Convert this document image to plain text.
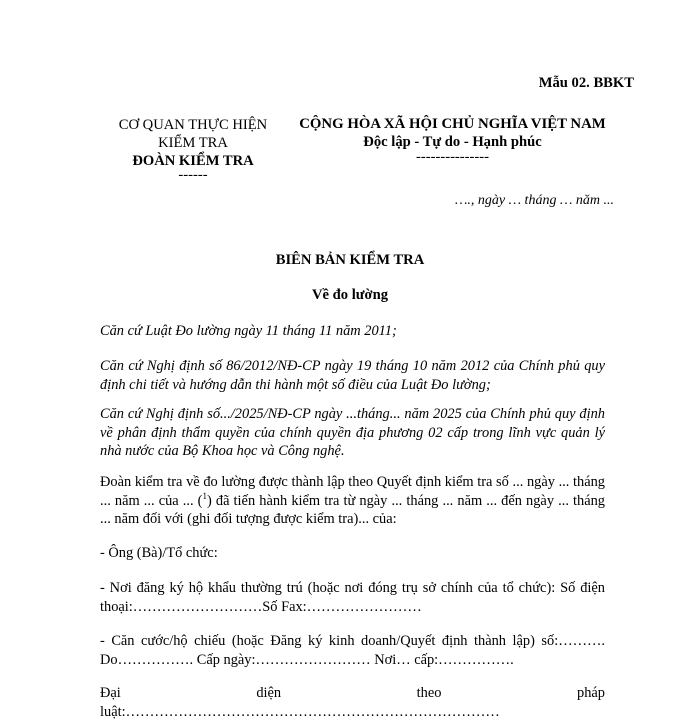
Mẫu 02. BBKT
CƠ QUAN THỰC HIỆN
KIỂM TRA
ĐOÀN KIỂM TRA
------
CỘNG HÒA XÃ HỘI CHỦ NGHĨA VIỆT NAM
Độc lập - Tự do - Hạnh phúc
---------------
…., ngày … tháng … năm ...
BIÊN BẢN KIỂM TRA
Về đo lường
Căn cứ Luật Đo lường ngày 11 tháng 11 năm 2011;
Căn cứ Nghị định số 86/2012/NĐ-CP ngày 19 tháng 10 năm 2012 của Chính phủ quy định chi tiết và hướng dẫn thi hành một số điều của Luật Đo lường;
Căn cứ Nghị định số.../2025/NĐ-CP ngày ...tháng... năm 2025 của Chính phủ quy định về phân định thẩm quyền của chính quyền địa phương 02 cấp trong lĩnh vực quản lý nhà nước của Bộ Khoa học và Công nghệ.
Đoàn kiểm tra về đo lường được thành lập theo Quyết định kiểm tra số ... ngày ... tháng ... năm ... của ... ($^1$) đã tiến hành kiểm tra từ ngày ... tháng ... năm ... đến ngày ... tháng ... năm đối với (ghi đối tượng được kiểm tra)... của:
- Ông (Bà)/Tổ chức:
- Nơi đăng ký hộ khẩu thường trú (hoặc nơi đóng trụ sở chính của tổ chức): Số điện thoại:………………………Số Fax:……………………
- Căn cước/hộ chiếu (hoặc Đăng ký kinh doanh/Quyết định thành lập) số:………. Do……………. Cấp ngày:…………………… Nơi… cấp:…………….
Đại diện theo pháp luật:……………………………………………………………………
